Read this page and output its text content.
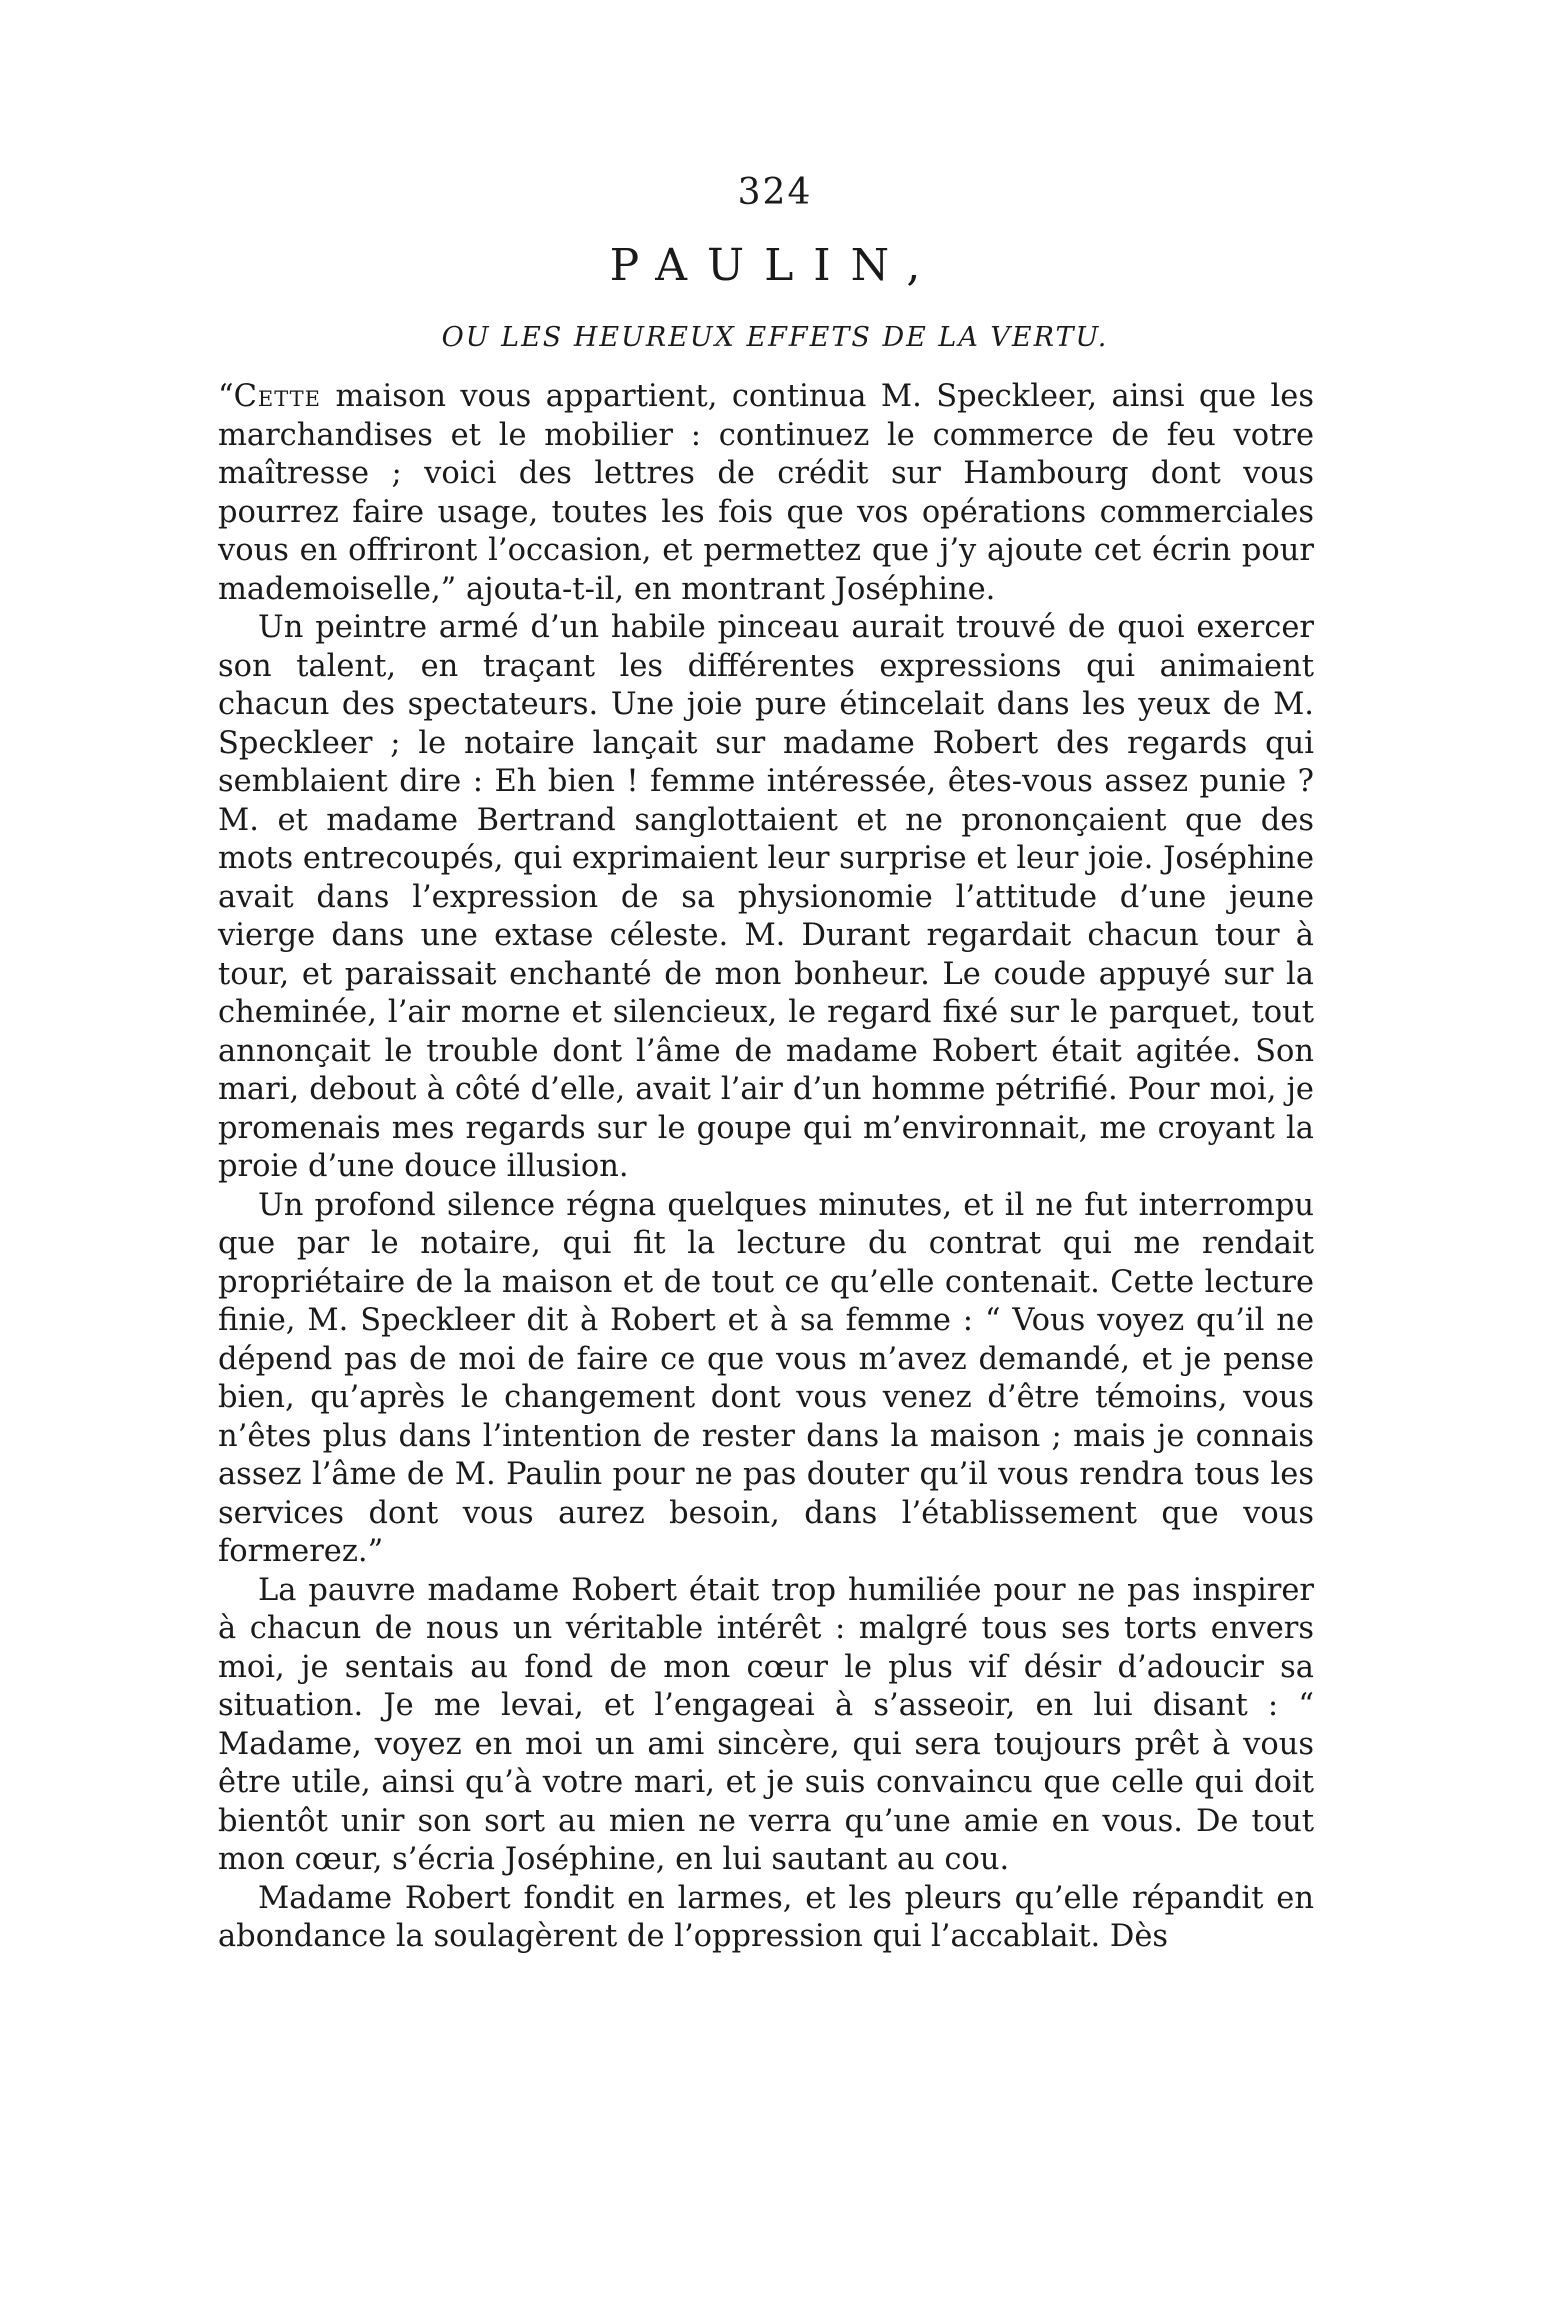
324
PAULIN,
OU LES HEUREUX EFFETS DE LA VERTU.

“Cette maison vous appartient, continua M. Speckleer, ainsi que les marchandises et le mobilier : continuez le commerce de feu votre maîtresse ; voici des lettres de crédit sur Hambourg dont vous pourrez faire usage, toutes les fois que vos opérations commerciales vous en offriront l’occasion, et permettez que j’y ajoute cet écrin pour mademoiselle,” ajouta-t-il, en montrant Joséphine.

Un peintre armé d’un habile pinceau aurait trouvé de quoi exercer son talent, en traçant les différentes expressions qui animaient chacun des spectateurs. Une joie pure étincelait dans les yeux de M. Speckleer ; le notaire lançait sur madame Robert des regards qui semblaient dire : Eh bien ! femme intéressée, êtes-vous assez punie ? M. et madame Bertrand sanglottaient et ne prononçaient que des mots entrecoupés, qui exprimaient leur surprise et leur joie. Joséphine avait dans l’expression de sa physionomie l’attitude d’une jeune vierge dans une extase céleste. M. Durant regardait chacun tour à tour, et paraissait enchanté de mon bonheur. Le coude appuyé sur la cheminée, l’air morne et silencieux, le regard fixé sur le parquet, tout annonçait le trouble dont l’âme de madame Robert était agitée. Son mari, debout à côté d’elle, avait l’air d’un homme pétrifié. Pour moi, je promenais mes regards sur le goupe qui m’environnait, me croyant la proie d’une douce illusion.

Un profond silence régna quelques minutes, et il ne fut interrompu que par le notaire, qui fit la lecture du contrat qui me rendait propriétaire de la maison et de tout ce qu’elle contenait. Cette lecture finie, M. Speckleer dit à Robert et à sa femme : “ Vous voyez qu’il ne dépend pas de moi de faire ce que vous m’avez demandé, et je pense bien, qu’après le changement dont vous venez d’être témoins, vous n’êtes plus dans l’intention de rester dans la maison ; mais je connais assez l’âme de M. Paulin pour ne pas douter qu’il vous rendra tous les services dont vous aurez besoin, dans l’établissement que vous formerez.”

La pauvre madame Robert était trop humiliée pour ne pas inspirer à chacun de nous un véritable intérêt : malgré tous ses torts envers moi, je sentais au fond de mon cœur le plus vif désir d’adoucir sa situation. Je me levai, et l’engageai à s’asseoir, en lui disant : “ Madame, voyez en moi un ami sincère, qui sera toujours prêt à vous être utile, ainsi qu’à votre mari, et je suis convaincu que celle qui doit bientôt unir son sort au mien ne verra qu’une amie en vous. De tout mon cœur, s’écria Joséphine, en lui sautant au cou.

Madame Robert fondit en larmes, et les pleurs qu’elle répandit en abondance la soulagèrent de l’oppression qui l’accablait. Dès
